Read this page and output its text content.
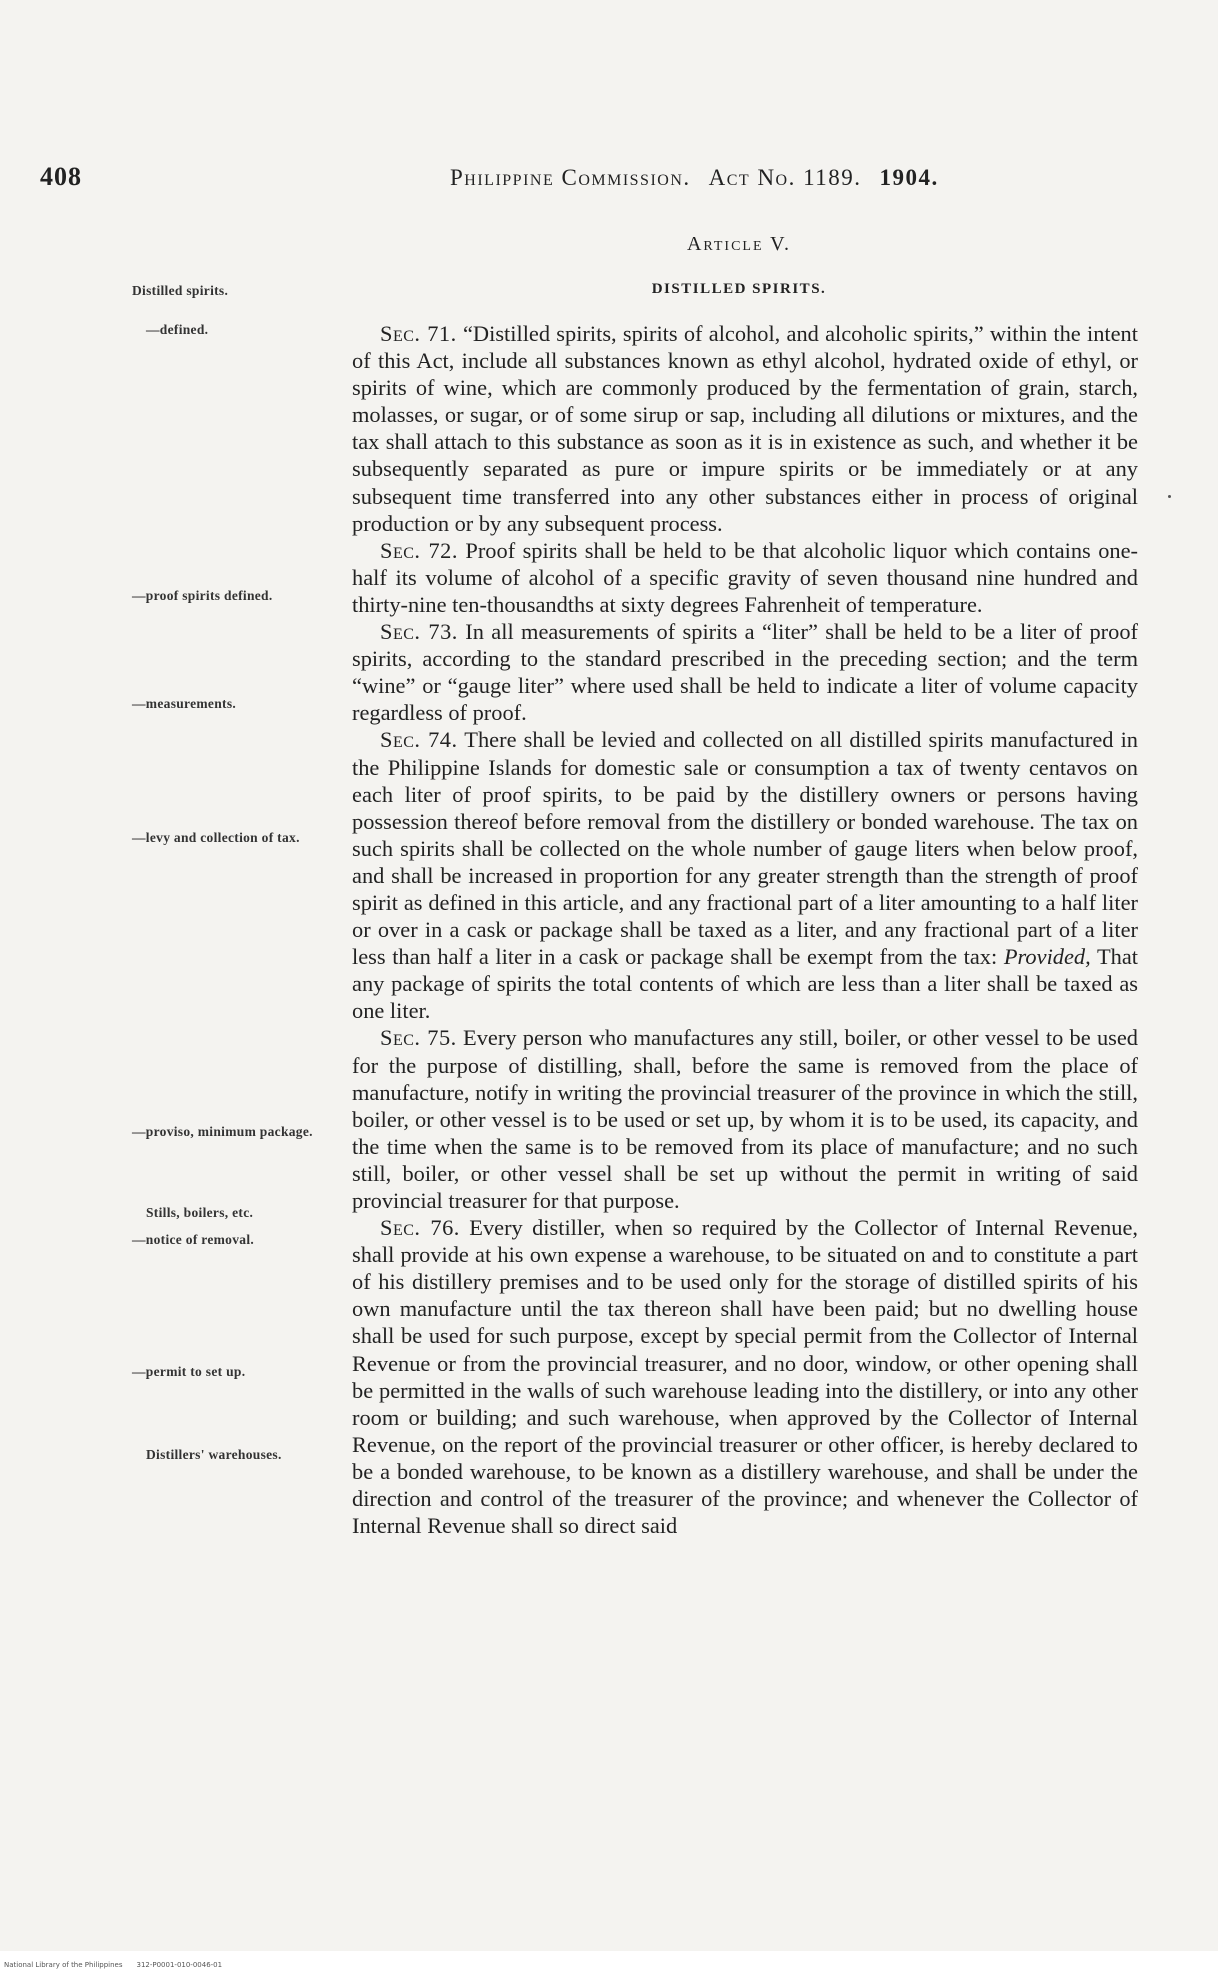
408	Philippine Commission. Act No. 1189. 1904.
Article V.
DISTILLED SPIRITS.
Distilled spirits.
—defined.
—proof spirits defined.
—measurements.
—levy and collection of tax.
—proviso, minimum package.
Stills, boilers, etc.
—notice of removal.
—permit to set up.
Distillers' warehouses.

Sec. 71. “Distilled spirits, spirits of alcohol, and alcoholic spirits,” within the intent of this Act, include all substances known as ethyl alcohol, hydrated oxide of ethyl, or spirits of wine, which are commonly produced by the fermentation of grain, starch, molasses, or sugar, or of some sirup or sap, including all dilutions or mixtures, and the tax shall attach to this substance as soon as it is in existence as such, and whether it be subsequently separated as pure or impure spirits or be immediately or at any subsequent time transferred into any other substances either in process of original production or by any subsequent process.

Sec. 72. Proof spirits shall be held to be that alcoholic liquor which contains one-half its volume of alcohol of a specific gravity of seven thousand nine hundred and thirty-nine ten-thousandths at sixty degrees Fahrenheit of temperature.

Sec. 73. In all measurements of spirits a “liter” shall be held to be a liter of proof spirits, according to the standard prescribed in the preceding section; and the term “wine” or “gauge liter” where used shall be held to indicate a liter of volume capacity regardless of proof.

Sec. 74. There shall be levied and collected on all distilled spirits manufactured in the Philippine Islands for domestic sale or consumption a tax of twenty centavos on each liter of proof spirits, to be paid by the distillery owners or persons having possession thereof before removal from the distillery or bonded warehouse. The tax on such spirits shall be collected on the whole number of gauge liters when below proof, and shall be increased in proportion for any greater strength than the strength of proof spirit as defined in this article, and any fractional part of a liter amounting to a half liter or over in a cask or package shall be taxed as a liter, and any fractional part of a liter less than half a liter in a cask or package shall be exempt from the tax: Provided, That any package of spirits the total contents of which are less than a liter shall be taxed as one liter.

Sec. 75. Every person who manufactures any still, boiler, or other vessel to be used for the purpose of distilling, shall, before the same is removed from the place of manufacture, notify in writing the provincial treasurer of the province in which the still, boiler, or other vessel is to be used or set up, by whom it is to be used, its capacity, and the time when the same is to be removed from its place of manufacture; and no such still, boiler, or other vessel shall be set up without the permit in writing of said provincial treasurer for that purpose.

Sec. 76. Every distiller, when so required by the Collector of Internal Revenue, shall provide at his own expense a warehouse, to be situated on and to constitute a part of his distillery premises and to be used only for the storage of distilled spirits of his own manufacture until the tax thereon shall have been paid; but no dwelling house shall be used for such purpose, except by special permit from the Collector of Internal Revenue or from the provincial treasurer, and no door, window, or other opening shall be permitted in the walls of such warehouse leading into the distillery, or into any other room or building; and such warehouse, when approved by the Collector of Internal Revenue, on the report of the provincial treasurer or other officer, is hereby declared to be a bonded warehouse, to be known as a distillery warehouse, and shall be under the direction and control of the treasurer of the province; and whenever the Collector of Internal Revenue shall so direct said

National Library of the Philippines 312-P0001-010-0046-01
